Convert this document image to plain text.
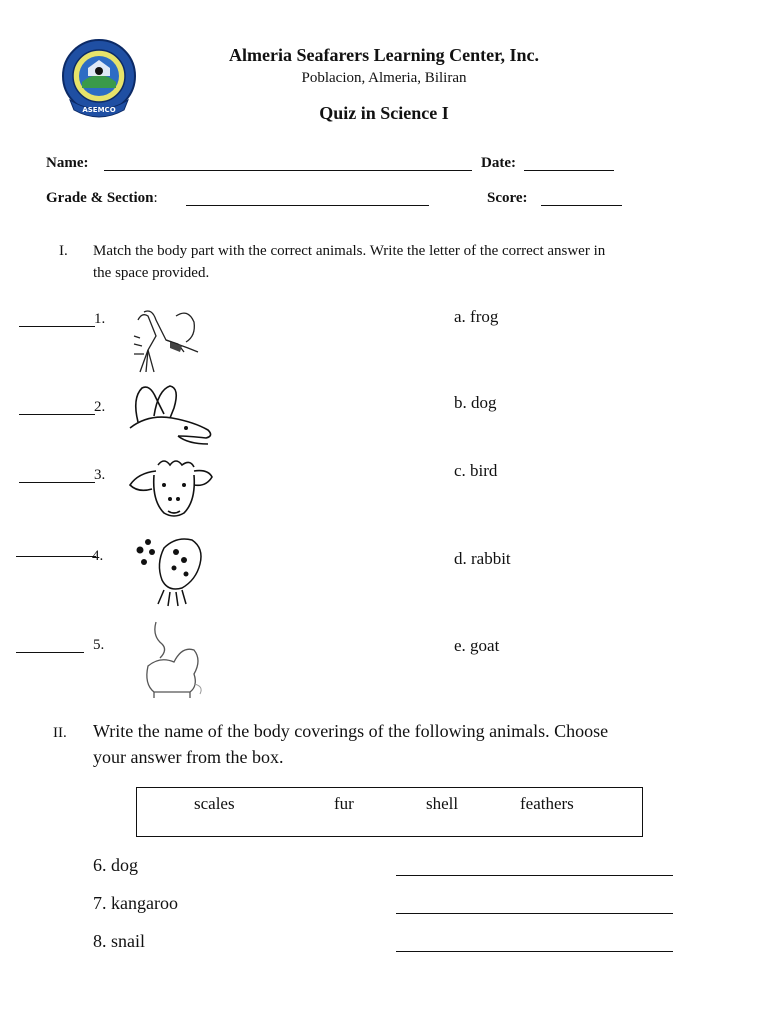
ASEMCO
Almeria Seafarers Learning Center, Inc.
Poblacion, Almeria, Biliran
Quiz in Science I
Name:	Date:
Grade & Section:	Score:
I. Match the body part with the correct animals. Write the letter of the correct answer in
the space provided.
1.
2.
3.
4.
5.
a. frog
b. dog
c. bird
d. rabbit
e. goat
II. Write the name of the body coverings of the following animals. Choose
your answer from the box.
scales	fur	shell	feathers
6. dog
7. kangaroo
8. snail
